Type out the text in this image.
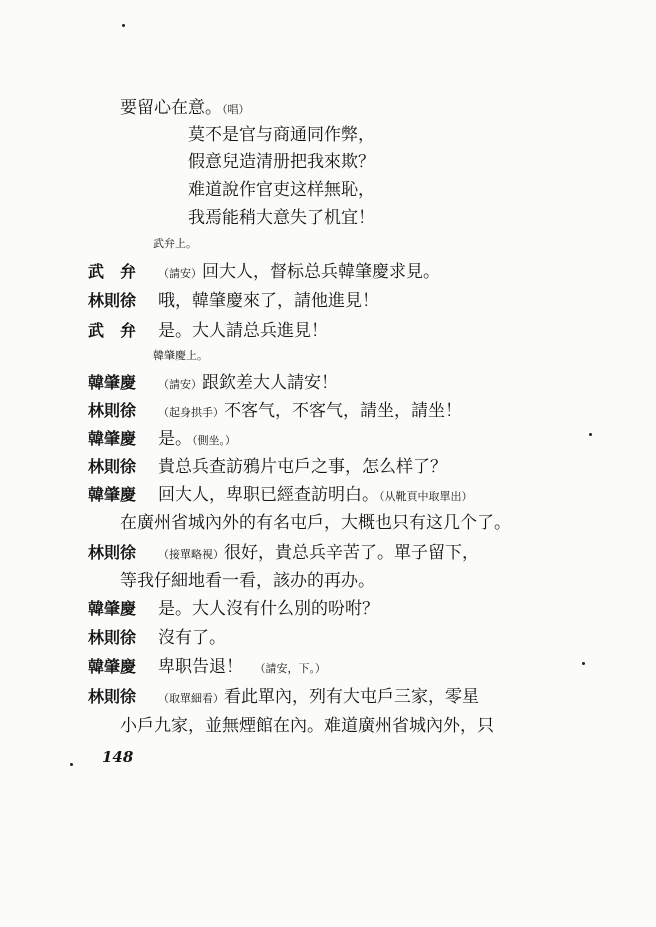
要留心在意。（唱）
莫不是官与商通同作弊，
假意兒造清册把我來欺？
难道說作官吏这样無恥，
我焉能稍大意失了机宜！
武弁上。
武　弁 （請安）回大人，督标总兵韓肇慶求見。
林則徐 哦，韓肇慶來了，請他進見！
武　弁 是。大人請总兵進見！
韓肇慶上。
韓肇慶 （請安）跟欽差大人請安！
林則徐 （起身拱手）不客气，不客气，請坐，請坐！
韓肇慶 是。（側坐。）
林則徐 貴总兵查訪鴉片屯戶之事，怎么样了？
韓肇慶 回大人，卑职已經查訪明白。（从靴頁中取單出）
在廣州省城內外的有名屯戶，大概也只有这几个了。
林則徐 （接單略視）很好，貴总兵辛苦了。單子留下，
等我仔細地看一看，該办的再办。
韓肇慶 是。大人沒有什么別的吩咐？
林則徐 沒有了。
韓肇慶 卑职告退！　 （請安，下。）
林則徐 （取單細看）看此單內，列有大屯戶三家，零星
小戶九家，並無煙館在內。难道廣州省城內外，只
148
